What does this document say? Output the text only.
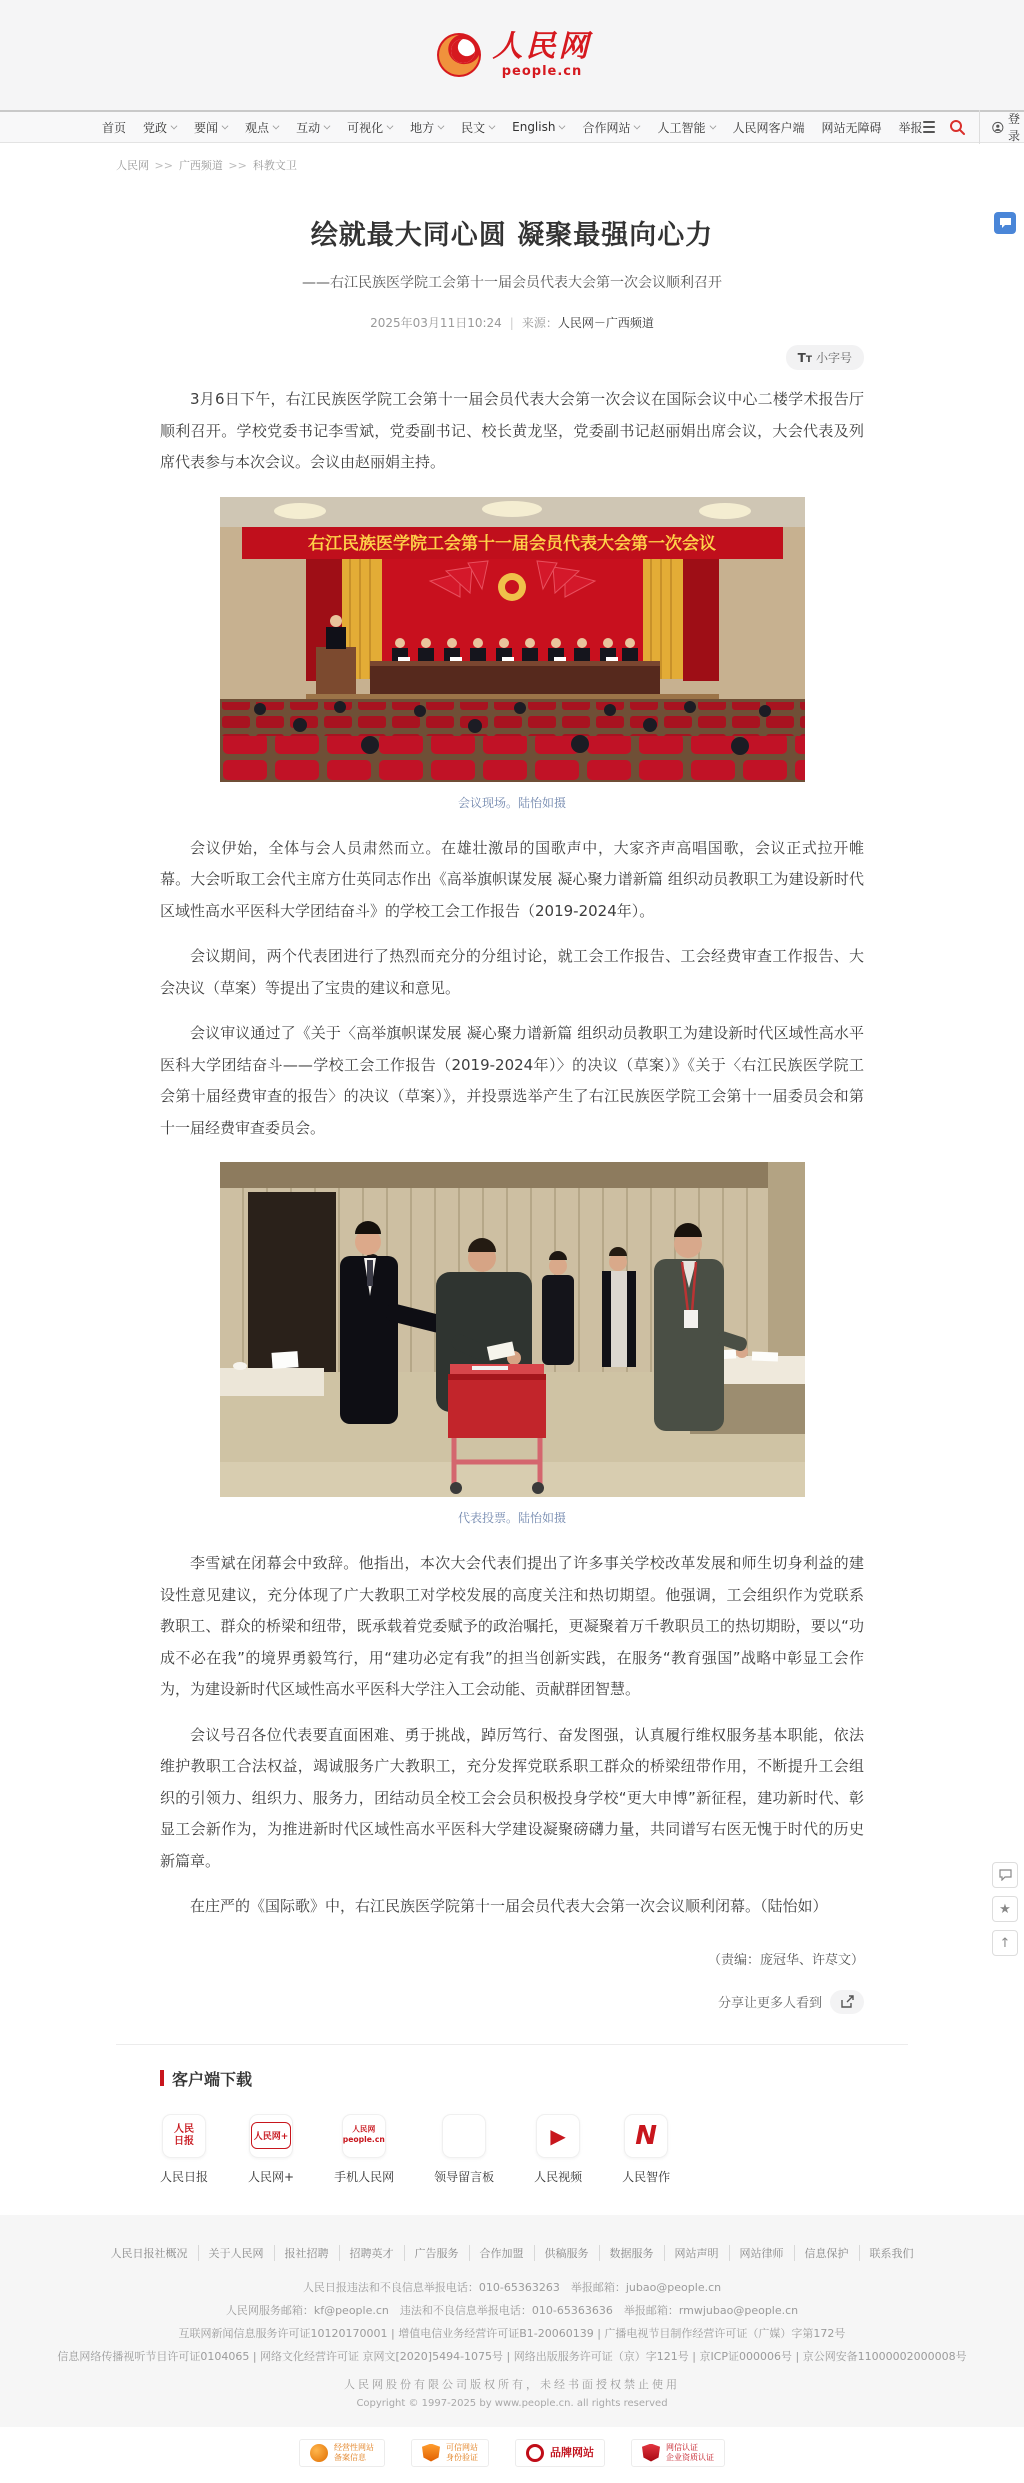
人民网
people.cn
首页 党政 要闻 观点 互动 可视化 地方 民文 English 合作网站 人工智能 人民网客户端 网站无障碍 举报
登录
人民网 >>	广西频道 >>	科教文卫
绘就最大同心圆 凝聚最强向心力

——右江民族医学院工会第十一届会员代表大会第一次会议顺利召开

2025年03月11日10:24 | 来源：人民网－广西频道

TT 小字号

3月6日下午，右江民族医学院工会第十一届会员代表大会第一次会议在国际会议中心二楼学术报告厅顺利召开。学校党委书记李雪斌，党委副书记、校长黄龙坚，党委副书记赵丽娟出席会议，大会代表及列席代表参与本次会议。会议由赵丽娟主持。

右江民族医学院工会第十一届会员代表大会第一次会议
会议现场。陆怡如摄

会议伊始，全体与会人员肃然而立。在雄壮激昂的国歌声中，大家齐声高唱国歌，会议正式拉开帷幕。大会听取工会代主席方仕英同志作出《高举旗帜谋发展 凝心聚力谱新篇 组织动员教职工为建设新时代区域性高水平医科大学团结奋斗》的学校工会工作报告（2019-2024年）。

会议期间，两个代表团进行了热烈而充分的分组讨论，就工会工作报告、工会经费审查工作报告、大会决议（草案）等提出了宝贵的建议和意见。

会议审议通过了《关于〈高举旗帜谋发展 凝心聚力谱新篇 组织动员教职工为建设新时代区域性高水平医科大学团结奋斗——学校工会工作报告（2019-2024年）〉的决议（草案）》《关于〈右江民族医学院工会第十届经费审查的报告〉的决议（草案）》，并投票选举产生了右江民族医学院工会第十一届委员会和第十一届经费审查委员会。

代表投票。陆怡如摄

李雪斌在闭幕会中致辞。他指出，本次大会代表们提出了许多事关学校改革发展和师生切身利益的建设性意见建议，充分体现了广大教职工对学校发展的高度关注和热切期望。他强调，工会组织作为党联系教职工、群众的桥梁和纽带，既承载着党委赋予的政治嘱托，更凝聚着万千教职员工的热切期盼，要以“功成不必在我”的境界勇毅笃行，用“建功必定有我”的担当创新实践，在服务“教育强国”战略中彰显工会作为，为建设新时代区域性高水平医科大学注入工会动能、贡献群团智慧。

会议号召各位代表要直面困难、勇于挑战，踔厉笃行、奋发图强，认真履行维权服务基本职能，依法维护教职工合法权益，竭诚服务广大教职工，充分发挥党联系职工群众的桥梁纽带作用，不断提升工会组织的引领力、组织力、服务力，团结动员全校工会会员积极投身学校“更大申博”新征程，建功新时代、彰显工会新作为，为推进新时代区域性高水平医科大学建设凝聚磅礴力量，共同谱写右医无愧于时代的历史新篇章。

在庄严的《国际歌》中，右江民族医学院第十一届会员代表大会第一次会议顺利闭幕。（陆怡如）

（责编：庞冠华、许荩文）

分享让更多人看到
客户端下载
人民 日报
人民日报
人民网+	人民网+
人民网 people.cn	手机人民网	领导留言板
▶	人民视频
N	人民智作
人民日报社概况	关于人民网	报社招聘	招聘英才	广告服务	合作加盟	供稿服务	数据服务	网站声明	网站律师	信息保护	联系我们

人民日报违法和不良信息举报电话：010-65363263　举报邮箱：jubao@people.cn

人民网服务邮箱：kf@people.cn　违法和不良信息举报电话：010-65363636　举报邮箱：rmwjubao@people.cn

互联网新闻信息服务许可证10120170001 | 增值电信业务经营许可证B1-20060139 | 广播电视节目制作经营许可证（广媒）字第172号

信息网络传播视听节目许可证0104065 | 网络文化经营许可证 京网文[2020]5494-1075号 | 网络出版服务许可证（京）字121号 | 京ICP证000006号 | 京公网安备11000002000008号

人民网股份有限公司版权所有，未经书面授权禁止使用

Copyright © 1997-2025 by www.people.cn. all rights reserved

经营性网站
备案信息
可信网站
身份验证	品牌网站	网信认证
企业资质认证
★
↑
